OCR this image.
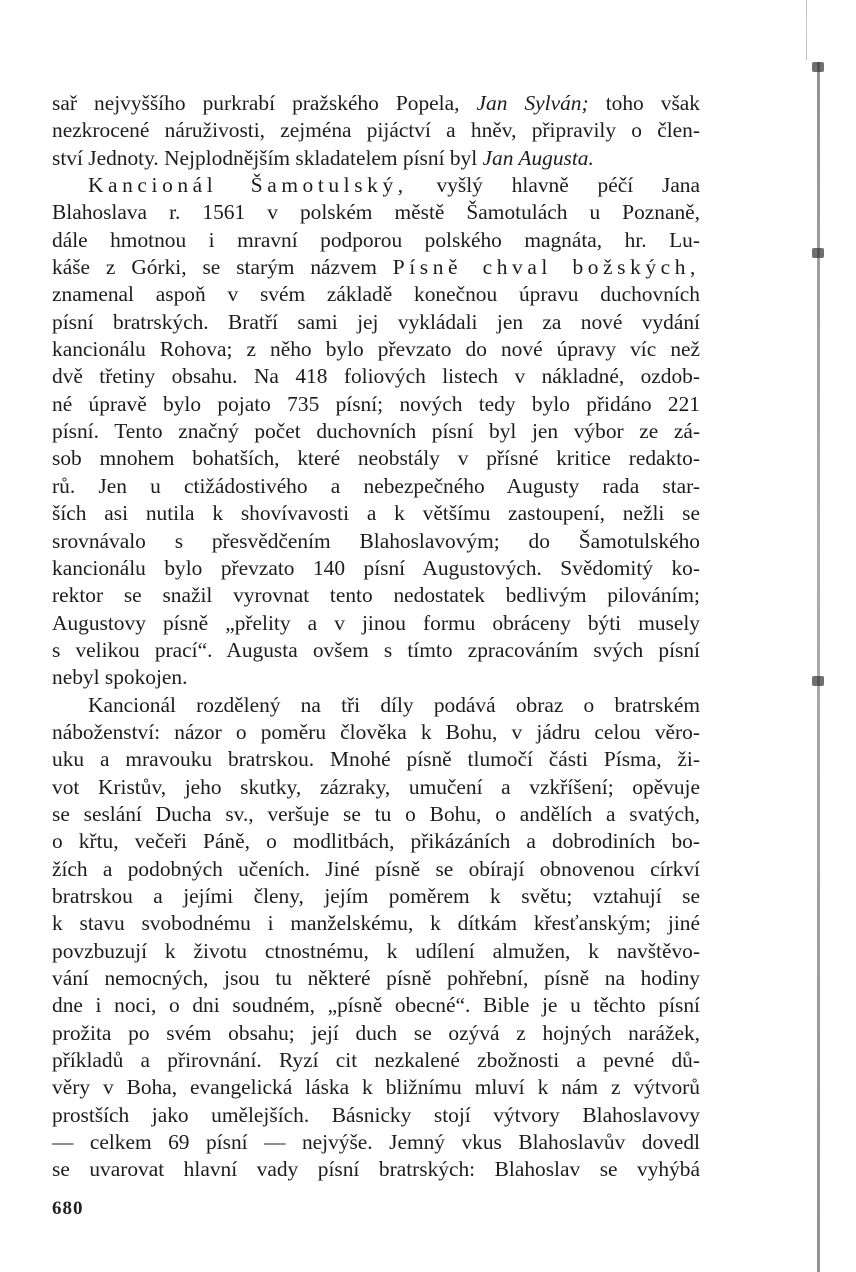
sař nejvyššího purkrabí pražského Popela, Jan Sylván; toho však
nezkrocené náruživosti, zejména pijáctví a hněv, připravily o člen-
ství Jednoty. Nejplodnějším skladatelem písní byl Jan Augusta.
Kancionál Šamotulský, vyšlý hlavně péčí Jana
Blahoslava r. 1561 v polském městě Šamotulách u Poznaně,
dále hmotnou i mravní podporou polského magnáta, hr. Lu-
káše z Górki, se starým názvem Písně chval božských,
znamenal aspoň v svém základě konečnou úpravu duchovních
písní bratrských. Bratří sami jej vykládali jen za nové vydání
kancionálu Rohova; z něho bylo převzato do nové úpravy víc než
dvě třetiny obsahu. Na 418 foliových listech v nákladné, ozdob-
né úpravě bylo pojato 735 písní; nových tedy bylo přidáno 221
písní. Tento značný počet duchovních písní byl jen výbor ze zá-
sob mnohem bohatších, které neobstály v přísné kritice redakto-
rů. Jen u ctižádostivého a nebezpečného Augusty rada star-
ších asi nutila k shovívavosti a k většímu zastoupení, nežli se
srovnávalo s přesvědčením Blahoslavovým; do Šamotulského
kancionálu bylo převzato 140 písní Augustových. Svědomitý ko-
rektor se snažil vyrovnat tento nedostatek bedlivým pilováním;
Augustovy písně „přelity a v jinou formu obráceny býti musely
s velikou prací“. Augusta ovšem s tímto zpracováním svých písní
nebyl spokojen.
Kancionál rozdělený na tři díly podává obraz o bratrském
náboženství: názor o poměru člověka k Bohu, v jádru celou věro-
uku a mravouku bratrskou. Mnohé písně tlumočí části Písma, ži-
vot Kristův, jeho skutky, zázraky, umučení a vzkříšení; opěvuje
se seslání Ducha sv., veršuje se tu o Bohu, o andělích a svatých,
o křtu, večeři Páně, o modlitbách, přikázáních a dobrodiních bo-
žích a podobných učeních. Jiné písně se obírají obnovenou církví
bratrskou a jejími členy, jejím poměrem k světu; vztahují se
k stavu svobodnému i manželskému, k dítkám křesťanským; jiné
povzbuzují k životu ctnostnému, k udílení almužen, k navštěvo-
vání nemocných, jsou tu některé písně pohřební, písně na hodiny
dne i noci, o dni soudném, „písně obecné“. Bible je u těchto písní
prožita po svém obsahu; její duch se ozývá z hojných narážek,
příkladů a přirovnání. Ryzí cit nezkalené zbožnosti a pevné dů-
věry v Boha, evangelická láska k bližnímu mluví k nám z výtvorů
prostších jako umělejších. Básnicky stojí výtvory Blahoslavovy
— celkem 69 písní — nejvýše. Jemný vkus Blahoslavův dovedl
se uvarovat hlavní vady písní bratrských: Blahoslav se vyhýbá
680
